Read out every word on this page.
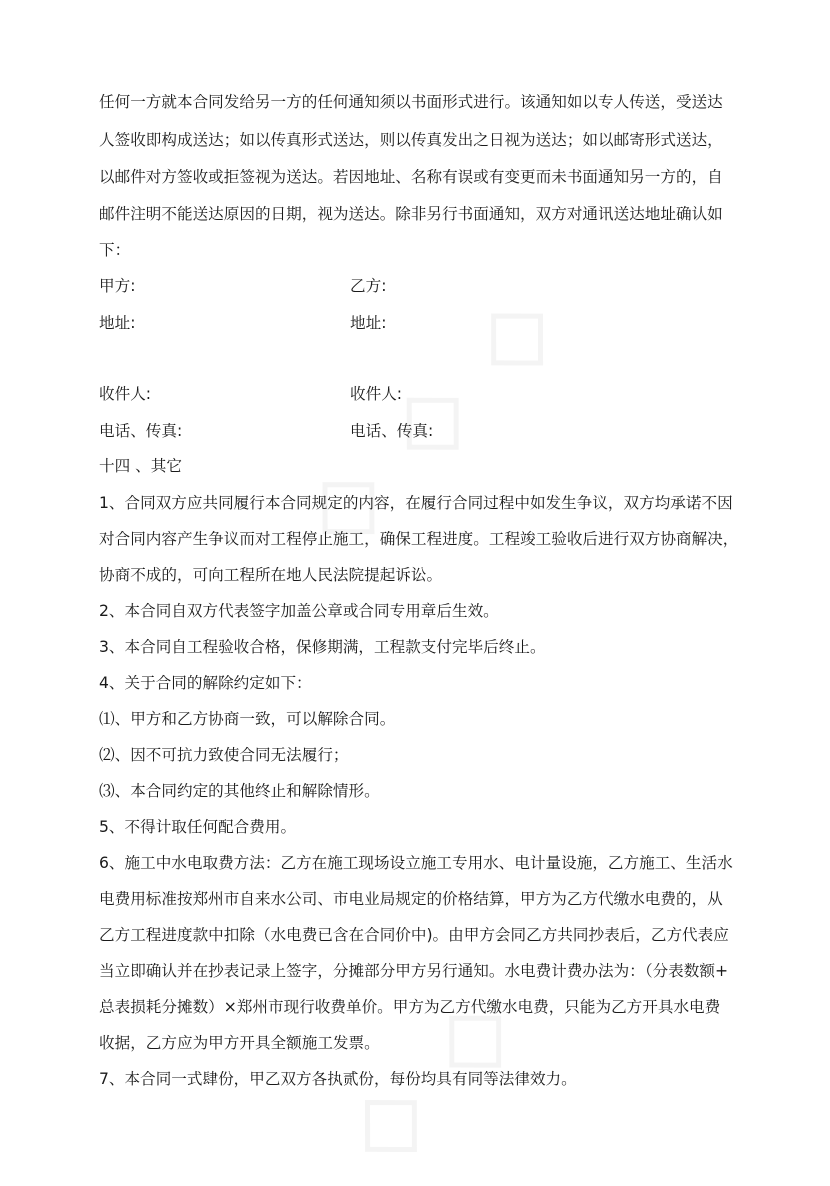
任何一方就本合同发给另一方的任何通知须以书面形式进行。该通知如以专人传送，受送达
人签收即构成送达；如以传真形式送达，则以传真发出之日视为送达；如以邮寄形式送达，
以邮件对方签收或拒签视为送达。若因地址、名称有误或有变更而未书面通知另一方的，自
邮件注明不能送达原因的日期，视为送达。除非另行书面通知，双方对通讯送达地址确认如
下：
甲方:	乙方:
地址:	地址:
收件人:	收件人:
电话、传真:	电话、传真:
十四 、其它
1、合同双方应共同履行本合同规定的内容，在履行合同过程中如发生争议，双方均承诺不因
对合同内容产生争议而对工程停止施工，确保工程进度。工程竣工验收后进行双方协商解决，
协商不成的，可向工程所在地人民法院提起诉讼。
2、本合同自双方代表签字加盖公章或合同专用章后生效。
3、本合同自工程验收合格，保修期满，工程款支付完毕后终止。
4、关于合同的解除约定如下：
⑴、甲方和乙方协商一致，可以解除合同。
⑵、因不可抗力致使合同无法履行；
⑶、本合同约定的其他终止和解除情形。
5、不得计取任何配合费用。
6、施工中水电取费方法：乙方在施工现场设立施工专用水、电计量设施，乙方施工、生活水
电费用标准按郑州市自来水公司、市电业局规定的价格结算，甲方为乙方代缴水电费的，从
乙方工程进度款中扣除（水电费已含在合同价中)。由甲方会同乙方共同抄表后，乙方代表应
当立即确认并在抄表记录上签字，分摊部分甲方另行通知。水电费计费办法为：（分表数额+
总表损耗分摊数）×郑州市现行收费单价。甲方为乙方代缴水电费，只能为乙方开具水电费
收据，乙方应为甲方开具全额施工发票。
7、本合同一式肆份，甲乙双方各执贰份，每份均具有同等法律效力。
